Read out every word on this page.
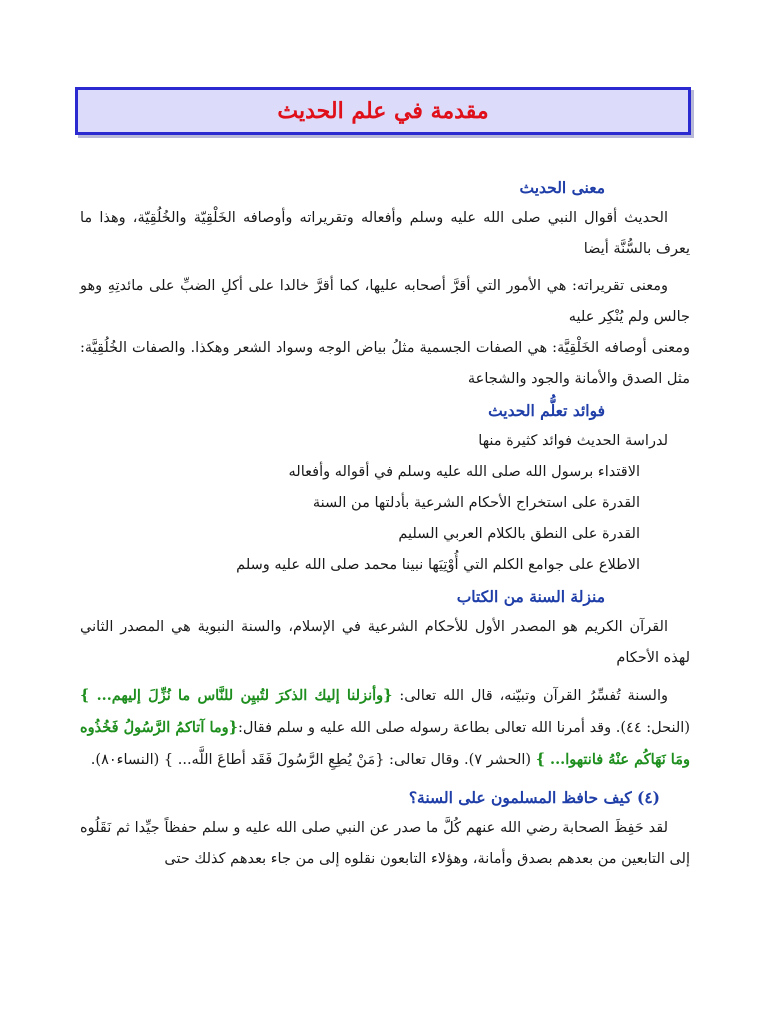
مقدمة في علم الحديث
معنى الحديث

الحديث أقوال النبي صلى الله عليه وسلم وأفعاله وتقريراته وأوصافه الخَلْقِيّة والخُلُقِيّة، وهذا ما يعرف بالسُّنَّة أيضا

ومعنى تقريراته: هي الأمور التي أقرَّ أصحابه عليها، كما أقرَّ خالدا على أكلِ الضبِّ على مائدتِهِ وهو جالس ولم يُنْكِر عليه

ومعنى أوصافه الخَلْقِيَّة: هي الصفات الجسمية مثلُ بياض الوجه وسواد الشعر وهكذا. والصفات الخُلُقِيَّة: مثل الصدق والأمانة والجود والشجاعة

فوائد تعلُّم الحديث

لدراسة الحديث فوائد كثيرة منها

الاقتداء برسول الله صلى الله عليه وسلم في أقواله وأفعاله

القدرة على استخراج الأحكام الشرعية بأدلتها من السنة

القدرة على النطق بالكلام العربي السليم

الاطلاع على جوامع الكلم التي أُوْتِيَها نبينا محمد صلى الله عليه وسلم

منزلة السنة من الكتاب

القرآن الكريم هو المصدر الأول للأحكام الشرعية في الإسلام، والسنة النبوية هي المصدر الثاني لهذه الأحكام

والسنة تُفسِّرُ القرآن وتبيّنه، قال الله تعالى: {وأنزلنا إليك الذكرَ لتُبيِن للنَّاس ما نُزِّلَ إليهم... } (النحل: ٤٤). وقد أمرنا الله تعالى بطاعة رسوله صلى الله عليه و سلم فقال:{وما آتاكمُ الرَّسُولُ فَخُذُوه ومَا نَهَاكُم عنْهُ فانتهوا... } (الحشر ٧). وقال تعالى: {مَنْ يُطِعِ الرَّسُولَ فَقَد أطاعَ اللَّه... } (النساء٨٠).

(٤) كيف حافظ المسلمون على السنة؟

لقد حَفِظَ الصحابة رضي الله عنهم كُلَّ ما صدر عن النبي صلى الله عليه و سلم حفظاً جيِّدا ثم نَقَلُوه إلى التابعين من بعدهم بصدق وأمانة، وهؤلاء التابعون نقلوه إلى من جاء بعدهم كذلك حتى
